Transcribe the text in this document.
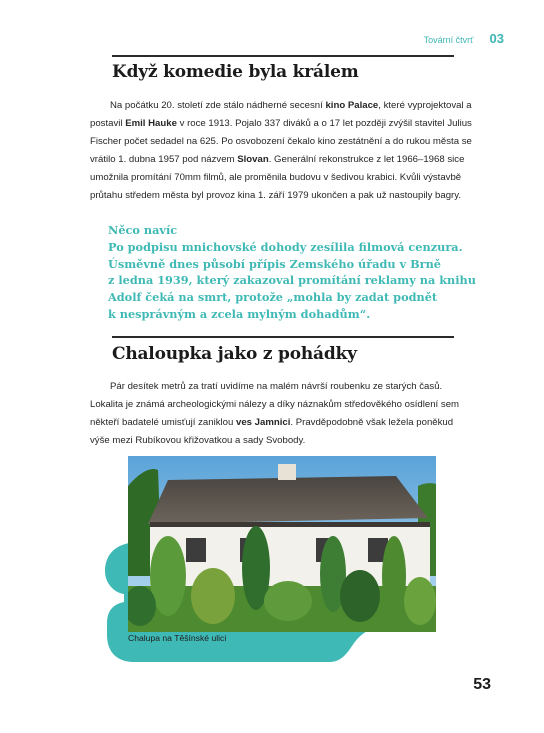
Tovární čtvrť 03
Když komedie byla králem

Na počátku 20. století zde stálo nádherné secesní kino Palace, které vyprojektoval a postavil Emil Hauke v roce 1913. Pojalo 337 diváků a o 17 let později zvýšil stavitel Julius Fischer počet sedadel na 625. Po osvobození čekalo kino zestátnění a do rukou města se vrátilo 1. dubna 1957 pod názvem Slovan. Generální rekonstrukce z let 1966–1968 sice umožnila promítání 70mm filmů, ale proměnila budovu v šedivou krabici. Kvůli výstavbě průtahu středem města byl provoz kina 1. září 1979 ukončen a pak už nastoupily bagry.

Něco navíc
Po podpisu mnichovské dohody zesílila filmová cenzura.
Úsměvně dnes působí přípis Zemského úřadu v Brně
z ledna 1939, který zakazoval promítání reklamy na knihu
Adolf čeká na smrt, protože „mohla by zadat podnět
k nesprávným a zcela mylným dohadům“.
Chaloupka jako z pohádky

Pár desítek metrů za tratí uvidíme na malém návrší roubenku ze starých časů. Lokalita je známá archeologickými nálezy a díky náznakům středověkého osídlení sem někteří badatelé umisťují zaniklou ves Jamnici. Pravděpodobně však ležela poněkud výše mezi Rubíkovou křižovatkou a sady Svobody.

Chalupa na Těšínské ulici
53
